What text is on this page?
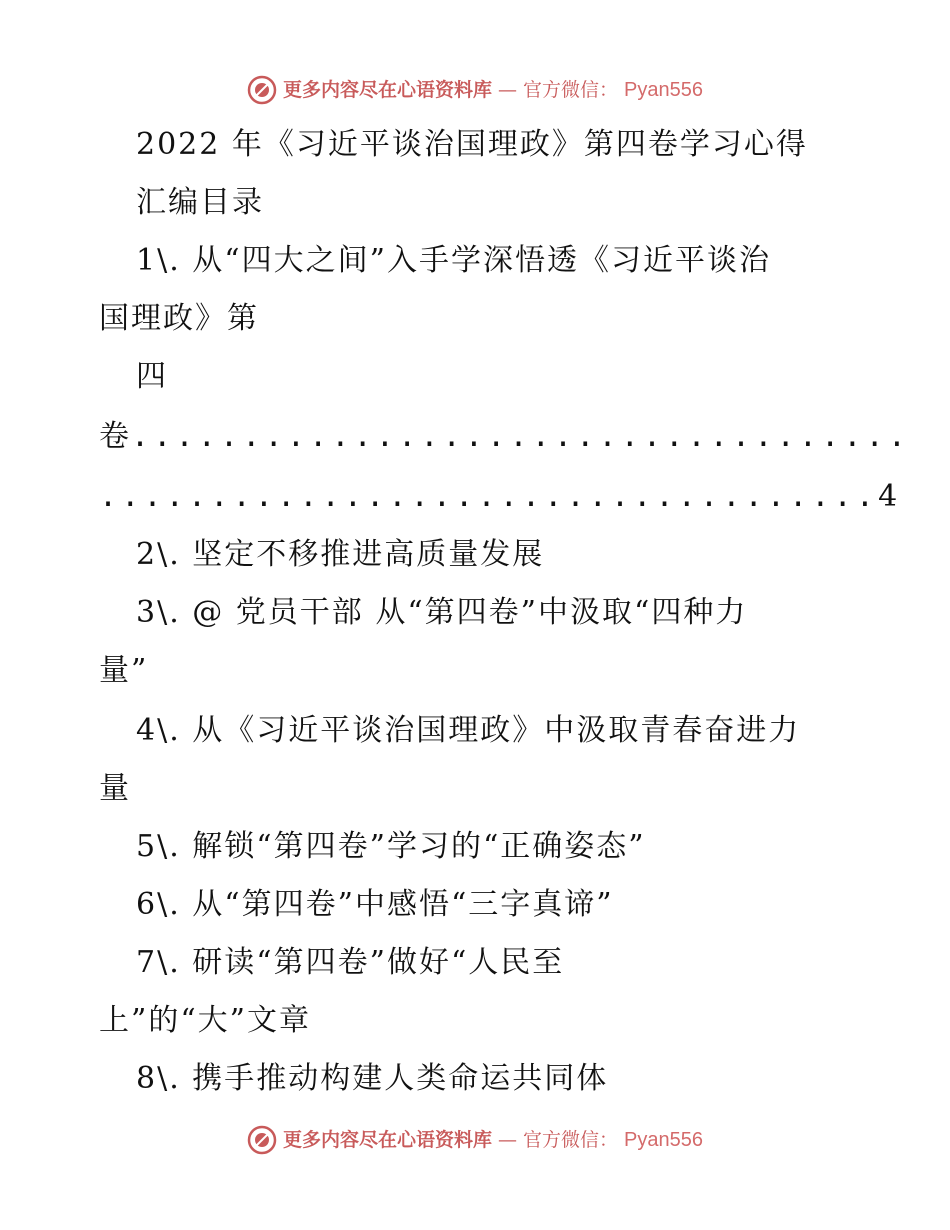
更多内容尽在心语资料库 — 官方微信： Pyan556
2022 年《习近平谈治国理政》第四卷学习心得
汇编目录
1\. 从“四大之间”入手学深悟透《习近平谈治
国理政》第
四
卷...................................
...................................4
2\. 坚定不移推进高质量发展
3\. @ 党员干部 从“第四卷”中汲取“四种力
量”
4\. 从《习近平谈治国理政》中汲取青春奋进力
量
5\. 解锁“第四卷”学习的“正确姿态”
6\. 从“第四卷”中感悟“三字真谛”
7\. 研读“第四卷”做好“人民至
上”的“大”文章
8\. 携手推动构建人类命运共同体
更多内容尽在心语资料库 — 官方微信： Pyan556
